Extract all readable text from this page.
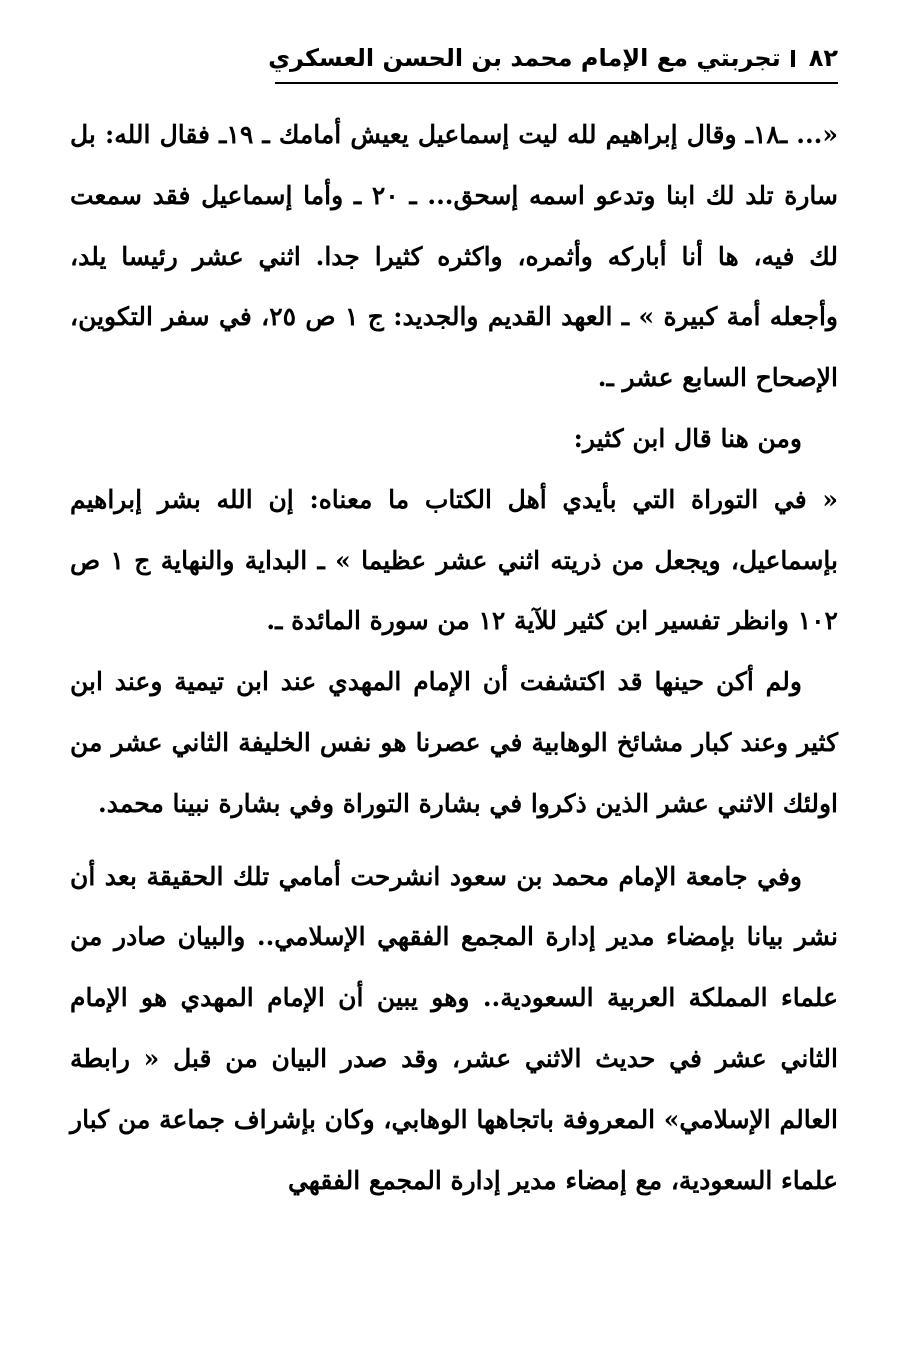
٨٢
تجربتي مع الإمام محمد بن الحسن العسكري

«... ـ١٨ـ وقال إبراهيم لله ليت إسماعيل يعيش أمامك ـ ١٩ـ فقال الله: بل سارة تلد لك ابنا وتدعو اسمه إسحق... ـ ٢٠ ـ وأما إسماعيل فقد سمعت لك فيه، ها أنا أباركه وأثمره، واكثره كثيرا جدا. اثني عشر رئيسا يلد، وأجعله أمة كبيرة » ـ العهد القديم والجديد: ج ١ ص ٢٥، في سفر التكوين، الإصحاح السابع عشر ـ.

ومن هنا قال ابن كثير:

« في التوراة التي بأيدي أهل الكتاب ما معناه: إن الله بشر إبراهيم بإسماعيل، ويجعل من ذريته اثني عشر عظيما » ـ البداية والنهاية ج ١ ص ١٠٢ وانظر تفسير ابن كثير للآية ١٢ من سورة المائدة ـ.

ولم أكن حينها قد اكتشفت أن الإمام المهدي عند ابن تيمية وعند ابن كثير وعند كبار مشائخ الوهابية في عصرنا هو نفس الخليفة الثاني عشر من اولئك الاثني عشر الذين ذكروا في بشارة التوراة وفي بشارة نبينا محمد.

وفي جامعة الإمام محمد بن سعود انشرحت أمامي تلك الحقيقة بعد أن نشر بيانا بإمضاء مدير إدارة المجمع الفقهي الإسلامي.. والبيان صادر من علماء المملكة العربية السعودية.. وهو يبين أن الإمام المهدي هو الإمام الثاني عشر في حديث الاثني عشر، وقد صدر البيان من قبل « رابطة العالم الإسلامي» المعروفة باتجاهها الوهابي، وكان بإشراف جماعة من كبار علماء السعودية، مع إمضاء مدير إدارة المجمع الفقهي
